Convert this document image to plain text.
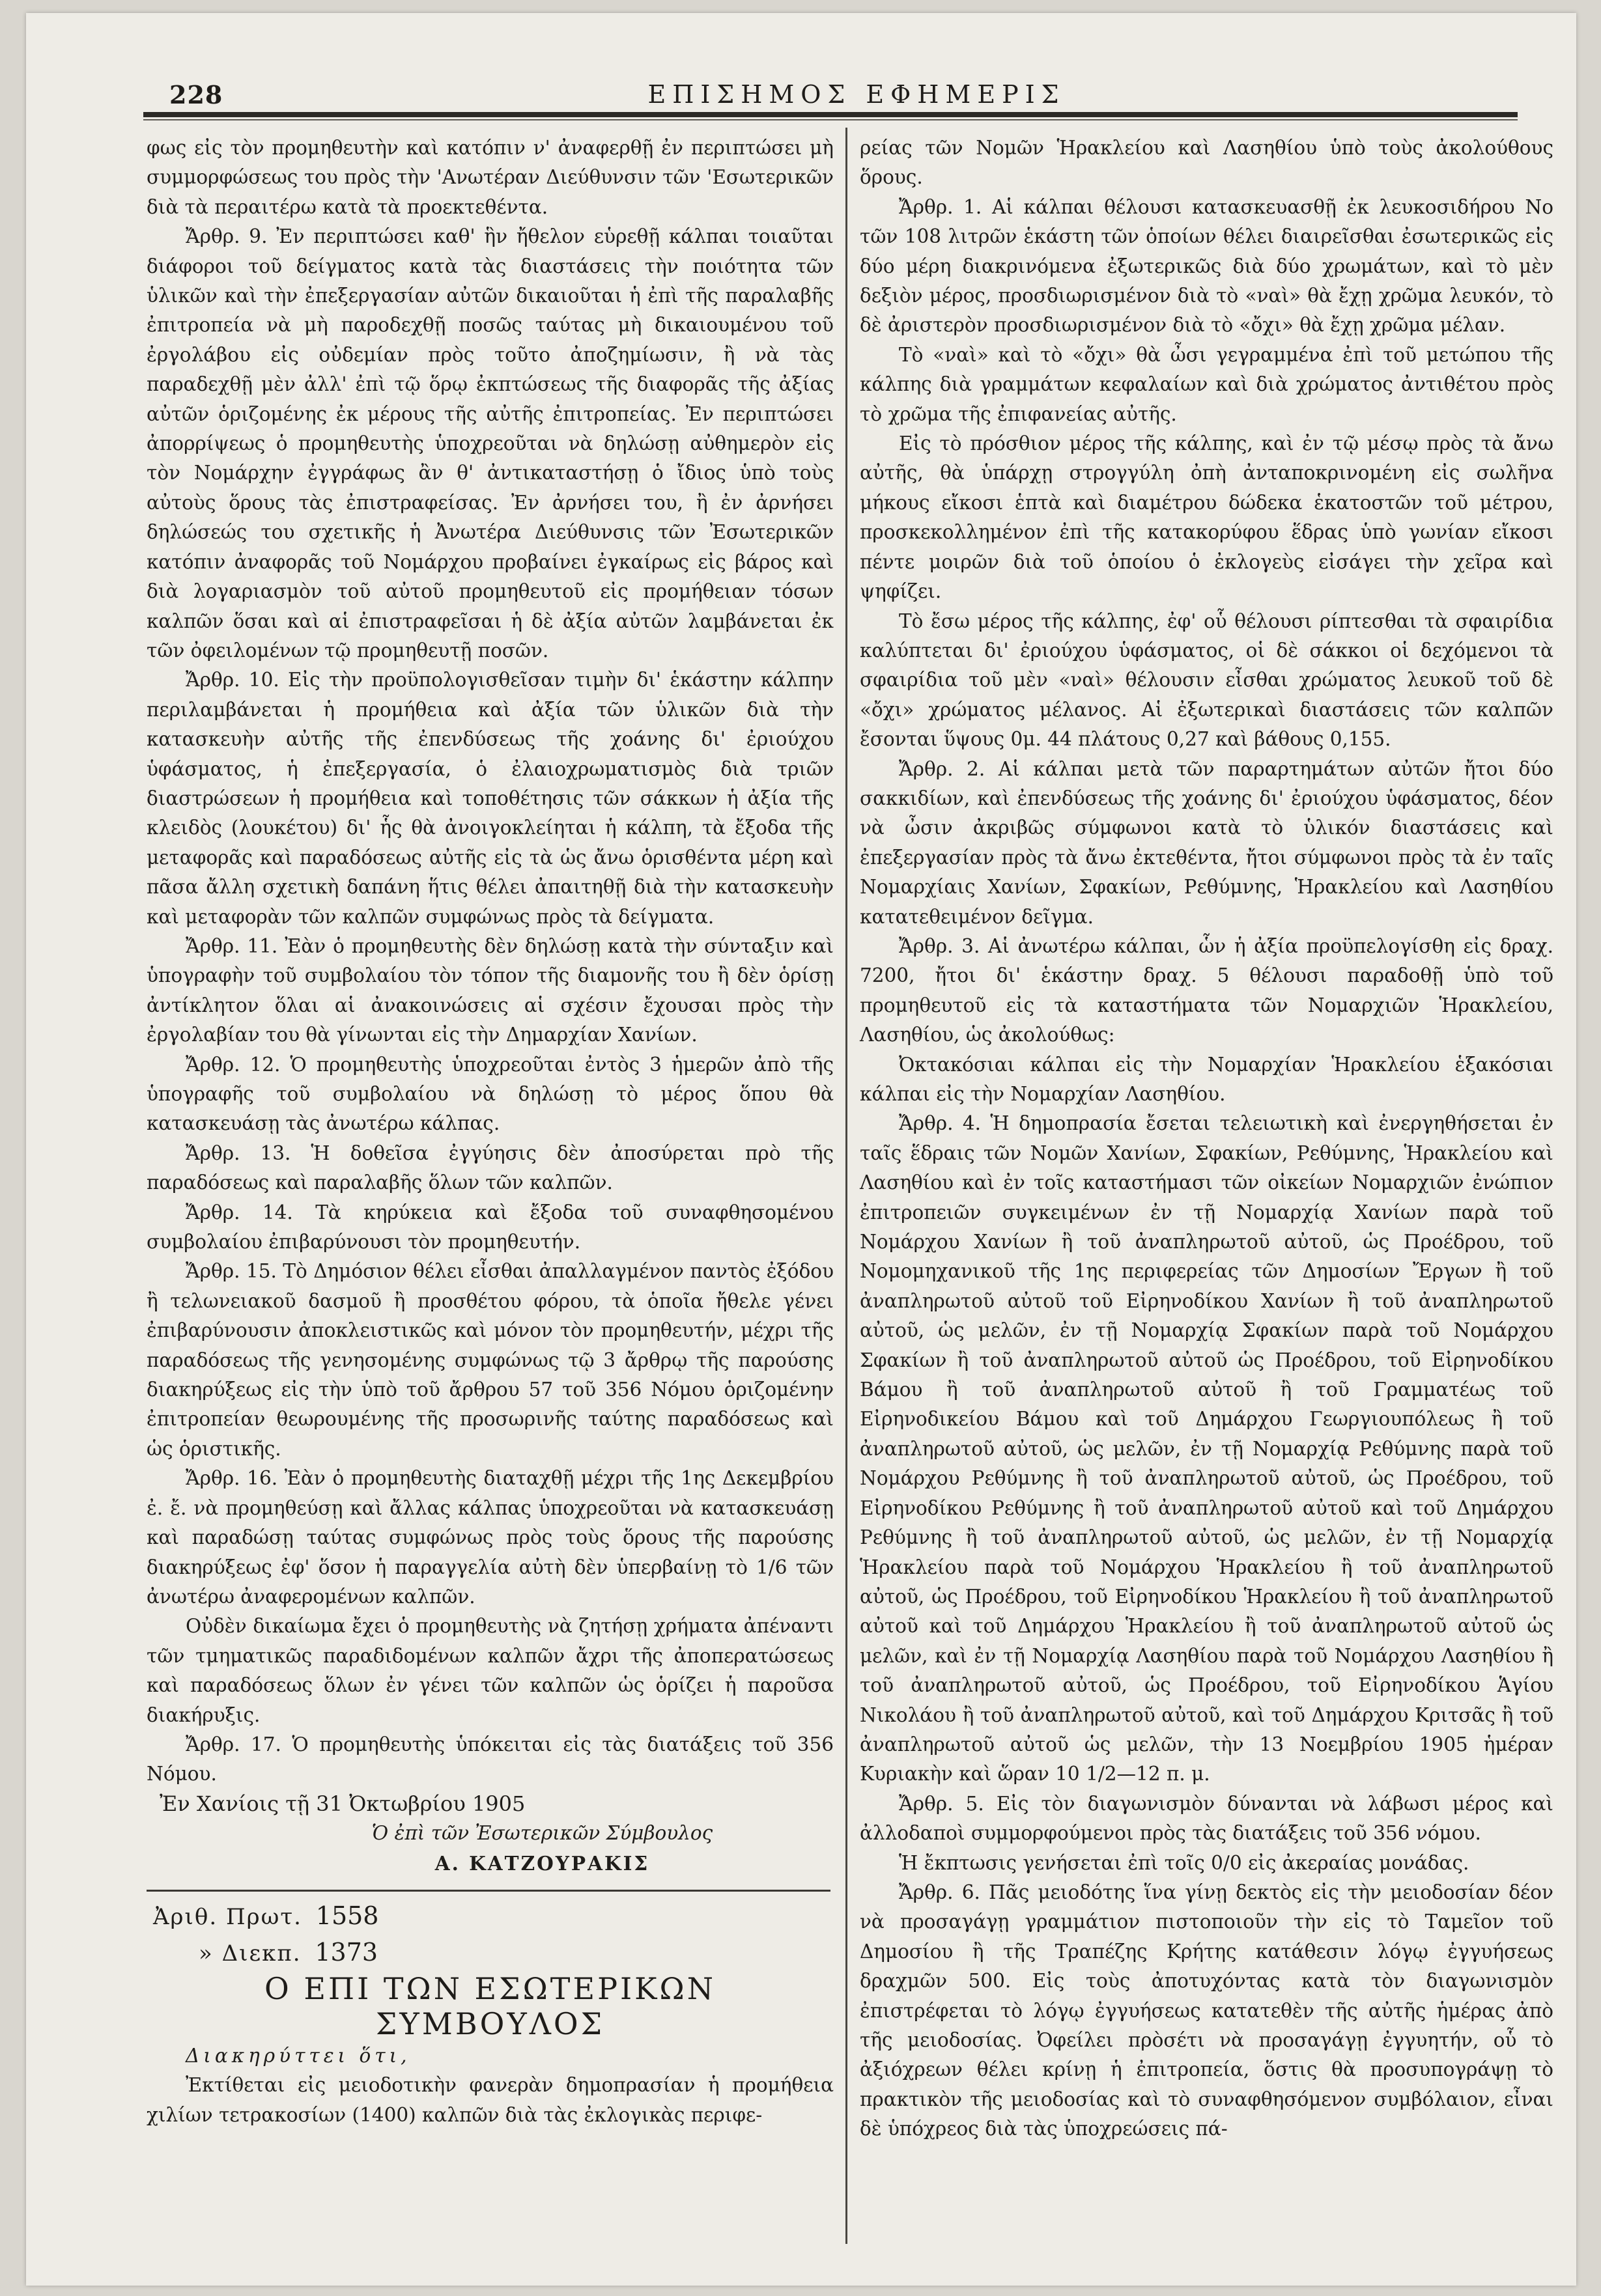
228	ΕΠΙΣΗΜΟΣ ΕΦΗΜΕΡΙΣ

φως εἰς τὸν προμηθευτὴν καὶ κατόπιν ν' ἀναφερθῇ ἐν περιπτώσει μὴ συμμορφώσεως του πρὸς τὴν 'Ανωτέραν Διεύθυνσιν τῶν 'Εσωτερικῶν διὰ τὰ περαιτέρω κατὰ τὰ προεκτεθέντα.

Ἄρθρ. 9. Ἐν περιπτώσει καθ' ἣν ἤθελον εὑρεθῇ κάλπαι τοιαῦται διάφοροι τοῦ δείγματος κατὰ τὰς διαστάσεις τὴν ποιότητα τῶν ὑλικῶν καὶ τὴν ἐπεξεργασίαν αὐτῶν δικαιοῦται ἡ ἐπὶ τῆς παραλαβῆς ἐπιτροπεία νὰ μὴ παροδεχθῇ ποσῶς ταύτας μὴ δικαιουμένου τοῦ ἐργολάβου εἰς οὐδεμίαν πρὸς τοῦτο ἀποζημίωσιν, ἢ νὰ τὰς παραδεχθῇ μὲν ἀλλ' ἐπὶ τῷ ὅρῳ ἐκπτώσεως τῆς διαφορᾶς τῆς ἀξίας αὐτῶν ὁριζομένης ἐκ μέρους τῆς αὐτῆς ἐπιτροπείας. Ἐν περιπτώσει ἀπορρίψεως ὁ προμηθευτὴς ὑποχρεοῦται νὰ δηλώσῃ αὐθημερὸν εἰς τὸν Νομάρχην ἐγγράφως ἂν θ' ἀντικαταστήσῃ ὁ ἴδιος ὑπὸ τοὺς αὐτοὺς ὅρους τὰς ἐπιστραφείσας. Ἐν ἀρνήσει του, ἢ ἐν ἀρνήσει δηλώσεώς του σχετικῆς ἡ Ἀνωτέρα Διεύθυνσις τῶν Ἐσωτερικῶν κατόπιν ἀναφορᾶς τοῦ Νομάρχου προβαίνει ἐγκαίρως εἰς βάρος καὶ διὰ λογαριασμὸν τοῦ αὐτοῦ προμηθευτοῦ εἰς προμήθειαν τόσων καλπῶν ὅσαι καὶ αἱ ἐπιστραφεῖσαι ἡ δὲ ἀξία αὐτῶν λαμβάνεται ἐκ τῶν ὀφειλομένων τῷ προμηθευτῇ ποσῶν.

Ἄρθρ. 10. Εἰς τὴν προϋπολογισθεῖσαν τιμὴν δι' ἑκάστην κάλπην περιλαμβάνεται ἡ προμήθεια καὶ ἀξία τῶν ὑλικῶν διὰ τὴν κατασκευὴν αὐτῆς τῆς ἐπενδύσεως τῆς χοάνης δι' ἐριούχου ὑφάσματος, ἡ ἐπεξεργασία, ὁ ἐλαιοχρωματισμὸς διὰ τριῶν διαστρώσεων ἡ προμήθεια καὶ τοποθέτησις τῶν σάκκων ἡ ἀξία τῆς κλειδὸς (λουκέτου) δι' ἧς θὰ ἀνοιγοκλείηται ἡ κάλπη, τὰ ἔξοδα τῆς μεταφορᾶς καὶ παραδόσεως αὐτῆς εἰς τὰ ὡς ἄνω ὁρισθέντα μέρη καὶ πᾶσα ἄλλη σχετικὴ δαπάνη ἥτις θέλει ἀπαιτηθῇ διὰ τὴν κατασκευὴν καὶ μεταφορὰν τῶν καλπῶν συμφώνως πρὸς τὰ δείγματα.

Ἄρθρ. 11. Ἐὰν ὁ προμηθευτὴς δὲν δηλώσῃ κατὰ τὴν σύνταξιν καὶ ὑπογραφὴν τοῦ συμβολαίου τὸν τόπον τῆς διαμονῆς του ἢ δὲν ὁρίσῃ ἀντίκλητον ὅλαι αἱ ἀνακοινώσεις αἱ σχέσιν ἔχουσαι πρὸς τὴν ἐργολαβίαν του θὰ γίνωνται εἰς τὴν Δημαρχίαν Χανίων.

Ἄρθρ. 12. Ὁ προμηθευτὴς ὑποχρεοῦται ἐντὸς 3 ἡμερῶν ἀπὸ τῆς ὑπογραφῆς τοῦ συμβολαίου νὰ δηλώσῃ τὸ μέρος ὅπου θὰ κατασκευάσῃ τὰς ἀνωτέρω κάλπας.

Ἄρθρ. 13. Ἡ δοθεῖσα ἐγγύησις δὲν ἀποσύρεται πρὸ τῆς παραδόσεως καὶ παραλαβῆς ὅλων τῶν καλπῶν.

Ἄρθρ. 14. Τὰ κηρύκεια καὶ ἔξοδα τοῦ συναφθησομένου συμβολαίου ἐπιβαρύνουσι τὸν προμηθευτήν.

Ἄρθρ. 15. Τὸ Δημόσιον θέλει εἶσθαι ἀπαλλαγμένον παντὸς ἐξόδου ἢ τελωνειακοῦ δασμοῦ ἢ προσθέτου φόρου, τὰ ὁποῖα ἤθελε γένει ἐπιβαρύνουσιν ἀποκλειστικῶς καὶ μόνον τὸν προμηθευτήν, μέχρι τῆς παραδόσεως τῆς γενησομένης συμφώνως τῷ 3 ἄρθρῳ τῆς παρούσης διακηρύξεως εἰς τὴν ὑπὸ τοῦ ἄρθρου 57 τοῦ 356 Νόμου ὁριζομένην ἐπιτροπείαν θεωρουμένης τῆς προσωρινῆς ταύτης παραδόσεως καὶ ὡς ὁριστικῆς.

Ἄρθρ. 16. Ἐὰν ὁ προμηθευτὴς διαταχθῇ μέχρι τῆς 1ης Δεκεμβρίου ἐ. ἔ. νὰ προμηθεύσῃ καὶ ἄλλας κάλπας ὑποχρεοῦται νὰ κατασκευάσῃ καὶ παραδώσῃ ταύτας συμφώνως πρὸς τοὺς ὅρους τῆς παρούσης διακηρύξεως ἐφ' ὅσον ἡ παραγγελία αὐτὴ δὲν ὑπερβαίνῃ τὸ 1/6 τῶν ἀνωτέρω ἀναφερομένων καλπῶν.

Οὐδὲν δικαίωμα ἔχει ὁ προμηθευτὴς νὰ ζητήσῃ χρήματα ἀπέναντι τῶν τμηματικῶς παραδιδομένων καλπῶν ἄχρι τῆς ἀποπερατώσεως καὶ παραδόσεως ὅλων ἐν γένει τῶν καλπῶν ὡς ὁρίζει ἡ παροῦσα διακήρυξις.

Ἄρθρ. 17. Ὁ προμηθευτὴς ὑπόκειται εἰς τὰς διατάξεις τοῦ 356 Νόμου.

Ἐν Χανίοις τῇ 31 Ὀκτωβρίου 1905

Ὁ ἐπὶ τῶν Ἐσωτερικῶν Σύμβουλος

Α. ΚΑΤΖΟΥΡΑΚΙΣ

Ἀριθ. Πρωτ. 1558

» Διεκπ. 1373

Ο ΕΠΙ ΤΩΝ ΕΣΩΤΕΡΙΚΩΝ ΣΥΜΒΟΥΛΟΣ

Διακηρύττει ὅτι,

Ἐκτίθεται εἰς μειοδοτικὴν φανερὰν δημοπρασίαν ἡ προμήθεια χιλίων τετρακοσίων (1400) καλπῶν διὰ τὰς ἐκλογικὰς περιφε-

ρείας τῶν Νομῶν Ἡρακλείου καὶ Λασηθίου ὑπὸ τοὺς ἀκολούθους ὅρους.

Ἄρθρ. 1. Αἱ κάλπαι θέλουσι κατασκευασθῇ ἐκ λευκοσιδήρου Νο τῶν 108 λιτρῶν ἑκάστη τῶν ὁποίων θέλει διαιρεῖσθαι ἐσωτερικῶς εἰς δύο μέρη διακρινόμενα ἐξωτερικῶς διὰ δύο χρωμάτων, καὶ τὸ μὲν δεξιὸν μέρος, προσδιωρισμένον διὰ τὸ «ναὶ» θὰ ἔχῃ χρῶμα λευκόν, τὸ δὲ ἀριστερὸν προσδιωρισμένον διὰ τὸ «ὄχι» θὰ ἔχῃ χρῶμα μέλαν.

Τὸ «ναὶ» καὶ τὸ «ὄχι» θὰ ὦσι γεγραμμένα ἐπὶ τοῦ μετώπου τῆς κάλπης διὰ γραμμάτων κεφαλαίων καὶ διὰ χρώματος ἀντιθέτου πρὸς τὸ χρῶμα τῆς ἐπιφανείας αὐτῆς.

Εἰς τὸ πρόσθιον μέρος τῆς κάλπης, καὶ ἐν τῷ μέσῳ πρὸς τὰ ἄνω αὐτῆς, θὰ ὑπάρχῃ στρογγύλη ὀπὴ ἀνταποκρινομένη εἰς σωλῆνα μήκους εἴκοσι ἑπτὰ καὶ διαμέτρου δώδεκα ἑκατοστῶν τοῦ μέτρου, προσκεκολλημένον ἐπὶ τῆς κατακορύφου ἕδρας ὑπὸ γωνίαν εἴκοσι πέντε μοιρῶν διὰ τοῦ ὁποίου ὁ ἐκλογεὺς εἰσάγει τὴν χεῖρα καὶ ψηφίζει.

Τὸ ἔσω μέρος τῆς κάλπης, ἐφ' οὗ θέλουσι ρίπτεσθαι τὰ σφαιρίδια καλύπτεται δι' ἐριούχου ὑφάσματος, οἱ δὲ σάκκοι οἱ δεχόμενοι τὰ σφαιρίδια τοῦ μὲν «ναὶ» θέλουσιν εἶσθαι χρώματος λευκοῦ τοῦ δὲ «ὄχι» χρώματος μέλανος. Αἱ ἐξωτερικαὶ διαστάσεις τῶν καλπῶν ἔσονται ὕψους 0μ. 44 πλάτους 0,27 καὶ βάθους 0,155.

Ἄρθρ. 2. Αἱ κάλπαι μετὰ τῶν παραρτημάτων αὐτῶν ἤτοι δύο σακκιδίων, καὶ ἐπενδύσεως τῆς χοάνης δι' ἐριούχου ὑφάσματος, δέον νὰ ὦσιν ἀκριβῶς σύμφωνοι κατὰ τὸ ὑλικόν διαστάσεις καὶ ἐπεξεργασίαν πρὸς τὰ ἄνω ἐκτεθέντα, ἤτοι σύμφωνοι πρὸς τὰ ἐν ταῖς Νομαρχίαις Χανίων, Σφακίων, Ρεθύμνης, Ἡρακλείου καὶ Λασηθίου κατατεθειμένον δεῖγμα.

Ἄρθρ. 3. Αἱ ἀνωτέρω κάλπαι, ὧν ἡ ἀξία προϋπελογίσθη εἰς δραχ. 7200, ἤτοι δι' ἑκάστην δραχ. 5 θέλουσι παραδοθῇ ὑπὸ τοῦ προμηθευτοῦ εἰς τὰ καταστήματα τῶν Νομαρχιῶν Ἡρακλείου, Λασηθίου, ὡς ἀκολούθως:

Ὀκτακόσιαι κάλπαι εἰς τὴν Νομαρχίαν Ἡρακλείου ἑξακόσιαι κάλπαι εἰς τὴν Νομαρχίαν Λασηθίου.

Ἄρθρ. 4. Ἡ δημοπρασία ἔσεται τελειωτικὴ καὶ ἐνεργηθήσεται ἐν ταῖς ἕδραις τῶν Νομῶν Χανίων, Σφακίων, Ρεθύμνης, Ἡρακλείου καὶ Λασηθίου καὶ ἐν τοῖς καταστήμασι τῶν οἰκείων Νομαρχιῶν ἐνώπιον ἐπιτροπειῶν συγκειμένων ἐν τῇ Νομαρχίᾳ Χανίων παρὰ τοῦ Νομάρχου Χανίων ἢ τοῦ ἀναπληρωτοῦ αὐτοῦ, ὡς Προέδρου, τοῦ Νομομηχανικοῦ τῆς 1ης περιφερείας τῶν Δημοσίων Ἔργων ἢ τοῦ ἀναπληρωτοῦ αὐτοῦ τοῦ Εἰρηνοδίκου Χανίων ἢ τοῦ ἀναπληρωτοῦ αὐτοῦ, ὡς μελῶν, ἐν τῇ Νομαρχίᾳ Σφακίων παρὰ τοῦ Νομάρχου Σφακίων ἢ τοῦ ἀναπληρωτοῦ αὐτοῦ ὡς Προέδρου, τοῦ Εἰρηνοδίκου Βάμου ἢ τοῦ ἀναπληρωτοῦ αὐτοῦ ἢ τοῦ Γραμματέως τοῦ Εἰρηνοδικείου Βάμου καὶ τοῦ Δημάρχου Γεωργιουπόλεως ἢ τοῦ ἀναπληρωτοῦ αὐτοῦ, ὡς μελῶν, ἐν τῇ Νομαρχίᾳ Ρεθύμνης παρὰ τοῦ Νομάρχου Ρεθύμνης ἢ τοῦ ἀναπληρωτοῦ αὐτοῦ, ὡς Προέδρου, τοῦ Εἰρηνοδίκου Ρεθύμνης ἢ τοῦ ἀναπληρωτοῦ αὐτοῦ καὶ τοῦ Δημάρχου Ρεθύμνης ἢ τοῦ ἀναπληρωτοῦ αὐτοῦ, ὡς μελῶν, ἐν τῇ Νομαρχίᾳ Ἡρακλείου παρὰ τοῦ Νομάρχου Ἡρακλείου ἢ τοῦ ἀναπληρωτοῦ αὐτοῦ, ὡς Προέδρου, τοῦ Εἰρηνοδίκου Ἡρακλείου ἢ τοῦ ἀναπληρωτοῦ αὐτοῦ καὶ τοῦ Δημάρχου Ἡρακλείου ἢ τοῦ ἀναπληρωτοῦ αὐτοῦ ὡς μελῶν, καὶ ἐν τῇ Νομαρχίᾳ Λασηθίου παρὰ τοῦ Νομάρχου Λασηθίου ἢ τοῦ ἀναπληρωτοῦ αὐτοῦ, ὡς Προέδρου, τοῦ Εἰρηνοδίκου Ἁγίου Νικολάου ἢ τοῦ ἀναπληρωτοῦ αὐτοῦ, καὶ τοῦ Δημάρχου Κριτσᾶς ἢ τοῦ ἀναπληρωτοῦ αὐτοῦ ὡς μελῶν, τὴν 13 Νοεμβρίου 1905 ἡμέραν Κυριακὴν καὶ ὥραν 10 1/2—12 π. μ.

Ἄρθρ. 5. Εἰς τὸν διαγωνισμὸν δύνανται νὰ λάβωσι μέρος καὶ ἀλλοδαποὶ συμμορφούμενοι πρὸς τὰς διατάξεις τοῦ 356 νόμου.

Ἡ ἔκπτωσις γενήσεται ἐπὶ τοῖς 0/0 εἰς ἀκεραίας μονάδας.

Ἄρθρ. 6. Πᾶς μειοδότης ἵνα γίνῃ δεκτὸς εἰς τὴν μειοδοσίαν δέον νὰ προσαγάγῃ γραμμάτιον πιστοποιοῦν τὴν εἰς τὸ Ταμεῖον τοῦ Δημοσίου ἢ τῆς Τραπέζης Κρήτης κατάθεσιν λόγῳ ἐγγυήσεως δραχμῶν 500. Εἰς τοὺς ἀποτυχόντας κατὰ τὸν διαγωνισμὸν ἐπιστρέφεται τὸ λόγῳ ἐγγυήσεως κατατεθὲν τῆς αὐτῆς ἡμέρας ἀπὸ τῆς μειοδοσίας. Ὀφείλει πρὸσέτι νὰ προσαγάγῃ ἐγγυητήν, οὗ τὸ ἀξιόχρεων θέλει κρίνῃ ἡ ἐπιτροπεία, ὅστις θὰ προσυπογράψῃ τὸ πρακτικὸν τῆς μειοδοσίας καὶ τὸ συναφθησόμενον συμβόλαιον, εἶναι δὲ ὑπόχρεος διὰ τὰς ὑποχρεώσεις πά-
